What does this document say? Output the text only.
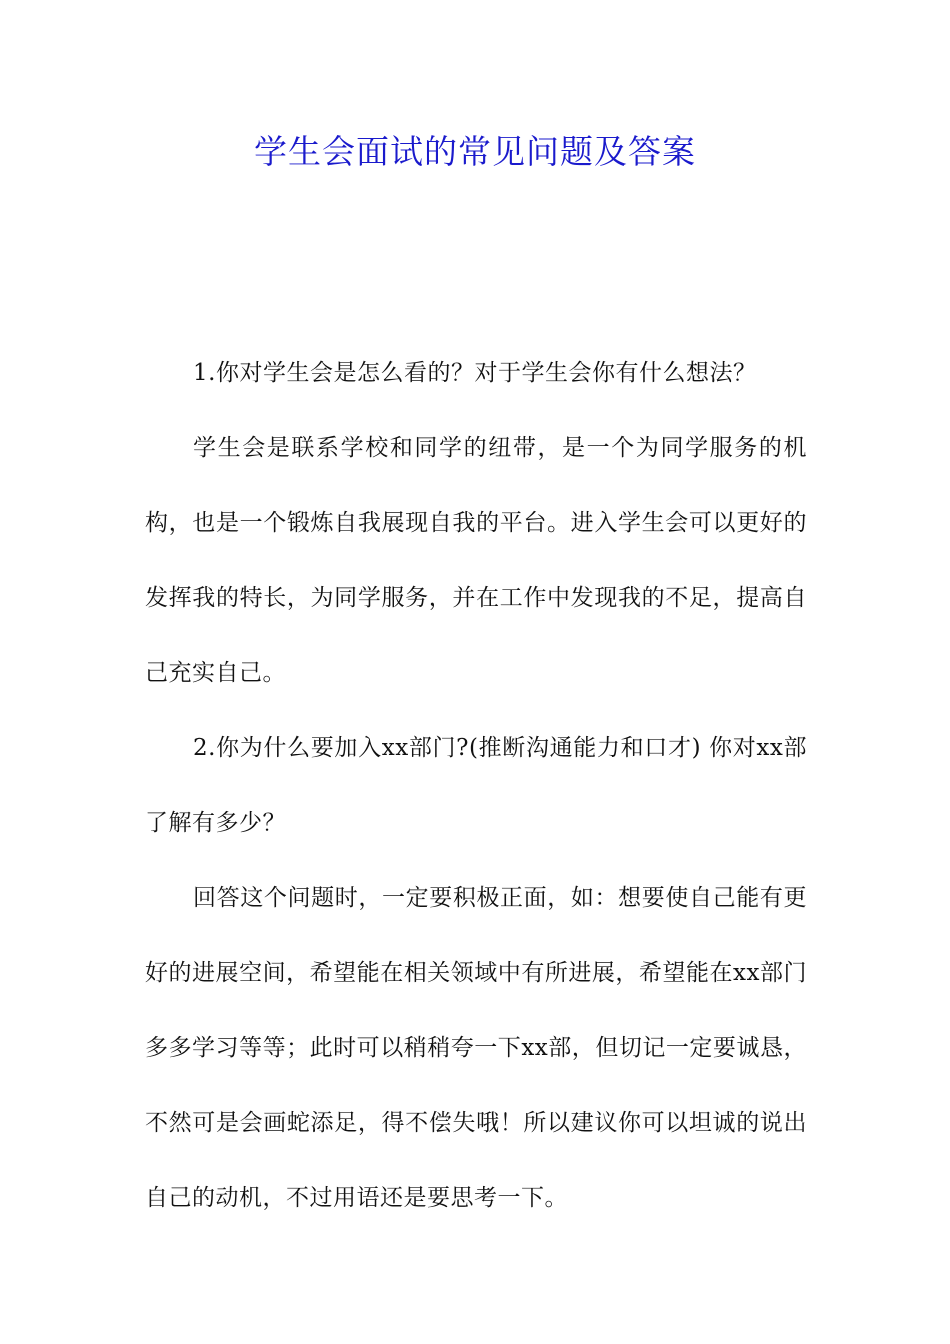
学生会面试的常见问题及答案

1.你对学生会是怎么看的？对于学生会你有什么想法？

学生会是联系学校和同学的纽带，是一个为同学服务的机构，也是一个锻炼自我展现自我的平台。进入学生会可以更好的发挥我的特长，为同学服务，并在工作中发现我的不足，提高自己充实自己。

2.你为什么要加入xx部门?(推断沟通能力和口才) 你对xx部了解有多少？

回答这个问题时，一定要积极正面，如：想要使自己能有更好的进展空间，希望能在相关领域中有所进展，希望能在xx部门多多学习等等；此时可以稍稍夸一下xx部，但切记一定要诚恳，不然可是会画蛇添足，得不偿失哦！所以建议你可以坦诚的说出自己的动机，不过用语还是要思考一下。
